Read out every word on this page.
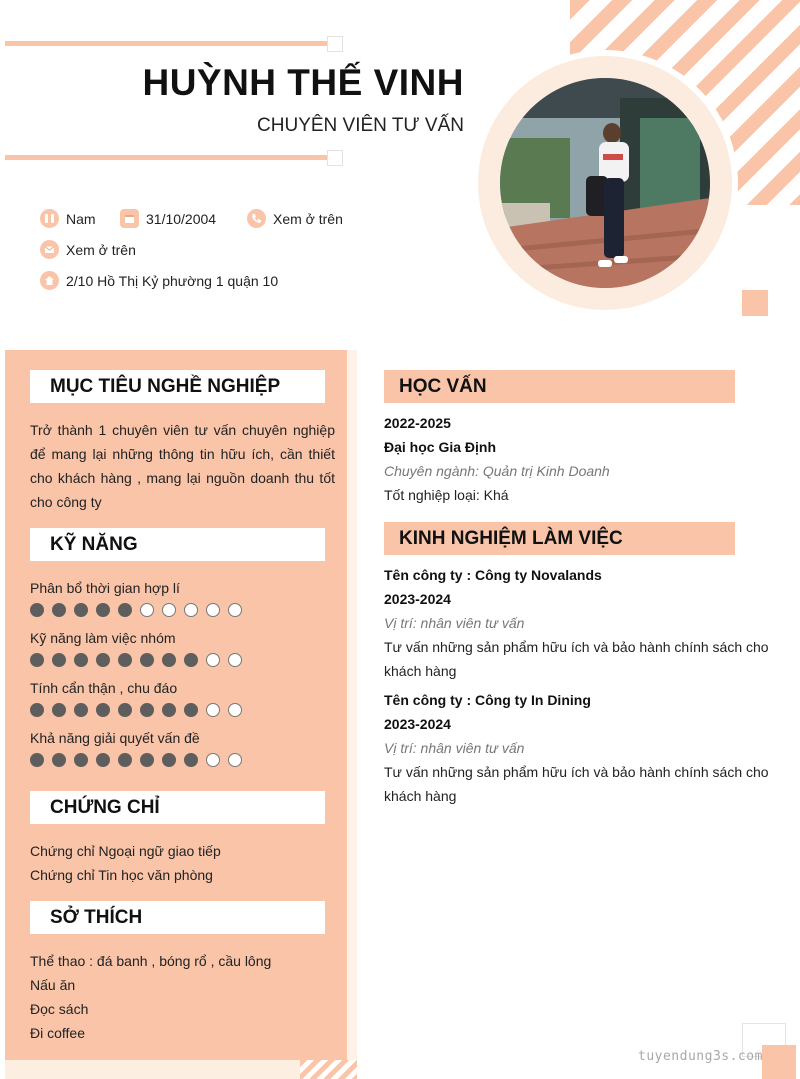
HUỲNH THẾ VINH
CHUYÊN VIÊN TƯ VẤN
Nam	31/10/2004	Xem ở trên
Xem ở trên
2/10 Hồ Thị Kỷ phường 1 quận 10
MỤC TIÊU NGHỀ NGHIỆP
Trở thành 1 chuyên viên tư vấn chuyên nghiệp để mang lại những thông tin hữu ích, cần thiết cho khách hàng , mang lại nguồn doanh thu tốt cho công ty
KỸ NĂNG
Phân bổ thời gian hợp lí
Kỹ năng làm việc nhóm
Tính cẩn thận , chu đáo
Khả năng giải quyết vấn đề
CHỨNG CHỈ
Chứng chỉ Ngoại ngữ giao tiếp
Chứng chỉ Tin học văn phòng
SỞ THÍCH
Thể thao : đá banh , bóng rổ , cầu lông
Nấu ăn
Đọc sách
Đi coffee
HỌC VẤN
2022-2025
Đại học Gia Định
Chuyên ngành: Quản trị Kinh Doanh
Tốt nghiệp loại: Khá
KINH NGHIỆM LÀM VIỆC
Tên công ty : Công ty Novalands
2023-2024
Vị trí: nhân viên tư vấn
Tư vấn những sản phẩm hữu ích và bảo hành chính sách cho khách hàng
Tên công ty : Công ty In Dining
2023-2024
Vị trí: nhân viên tư vấn
Tư vấn những sản phẩm hữu ích và bảo hành chính sách cho khách hàng
tuyendung3s.com
